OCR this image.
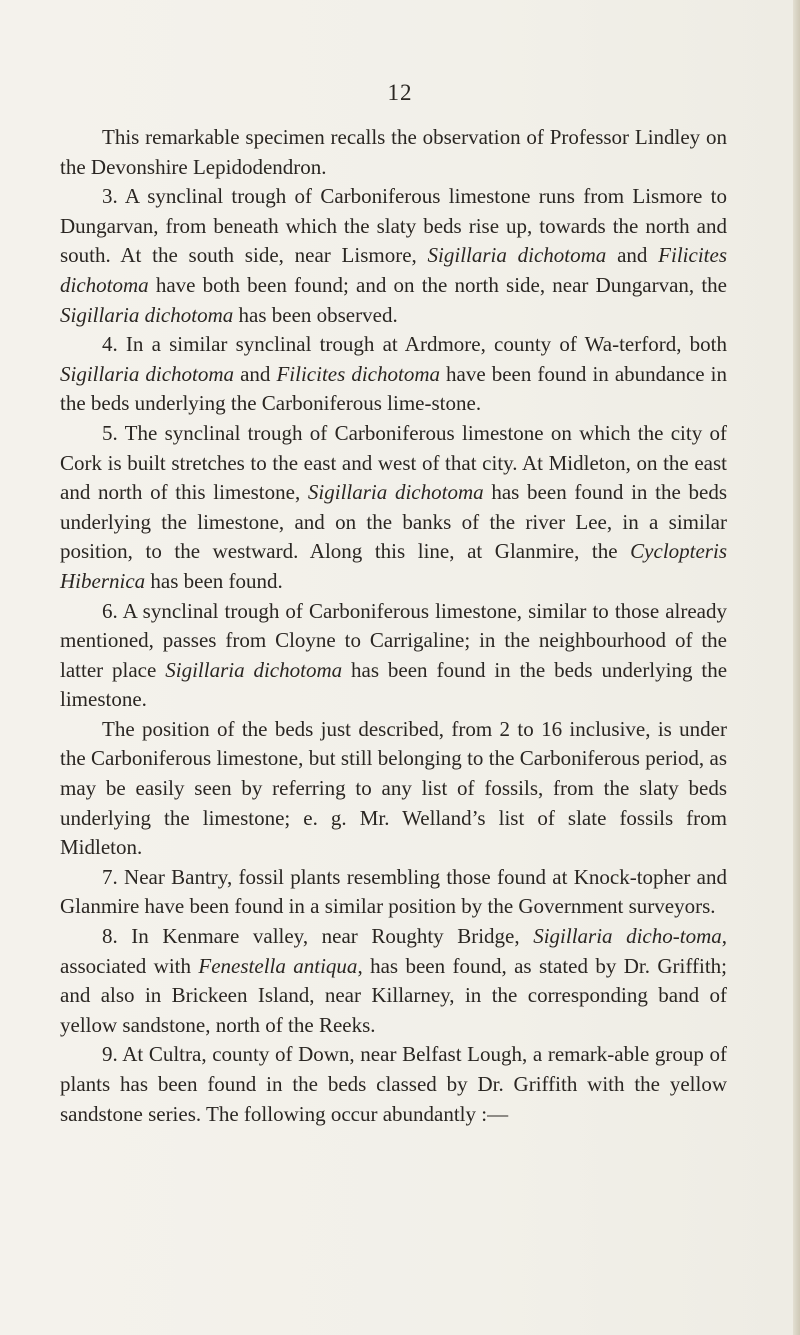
12

This remarkable specimen recalls the observation of Professor Lindley on the Devonshire Lepidodendron.

3. A synclinal trough of Carboniferous limestone runs from Lismore to Dungarvan, from beneath which the slaty beds rise up, towards the north and south. At the south side, near Lismore, Sigillaria dichotoma and Filicites dichotoma have both been found; and on the north side, near Dungarvan, the Sigillaria dichotoma has been observed.

4. In a similar synclinal trough at Ardmore, county of Wa-terford, both Sigillaria dichotoma and Filicites dichotoma have been found in abundance in the beds underlying the Carboniferous lime-stone.

5. The synclinal trough of Carboniferous limestone on which the city of Cork is built stretches to the east and west of that city. At Midleton, on the east and north of this limestone, Sigillaria dichotoma has been found in the beds underlying the limestone, and on the banks of the river Lee, in a similar position, to the westward. Along this line, at Glanmire, the Cyclopteris Hibernica has been found.

6. A synclinal trough of Carboniferous limestone, similar to those already mentioned, passes from Cloyne to Carrigaline; in the neighbourhood of the latter place Sigillaria dichotoma has been found in the beds underlying the limestone.

The position of the beds just described, from 2 to 16 inclusive, is under the Carboniferous limestone, but still belonging to the Carboniferous period, as may be easily seen by referring to any list of fossils, from the slaty beds underlying the limestone; e. g. Mr. Welland’s list of slate fossils from Midleton.

7. Near Bantry, fossil plants resembling those found at Knock-topher and Glanmire have been found in a similar position by the Government surveyors.

8. In Kenmare valley, near Roughty Bridge, Sigillaria dicho-toma, associated with Fenestella antiqua, has been found, as stated by Dr. Griffith; and also in Brickeen Island, near Killarney, in the corresponding band of yellow sandstone, north of the Reeks.

9. At Cultra, county of Down, near Belfast Lough, a remark-able group of plants has been found in the beds classed by Dr. Griffith with the yellow sandstone series. The following occur abundantly :—
